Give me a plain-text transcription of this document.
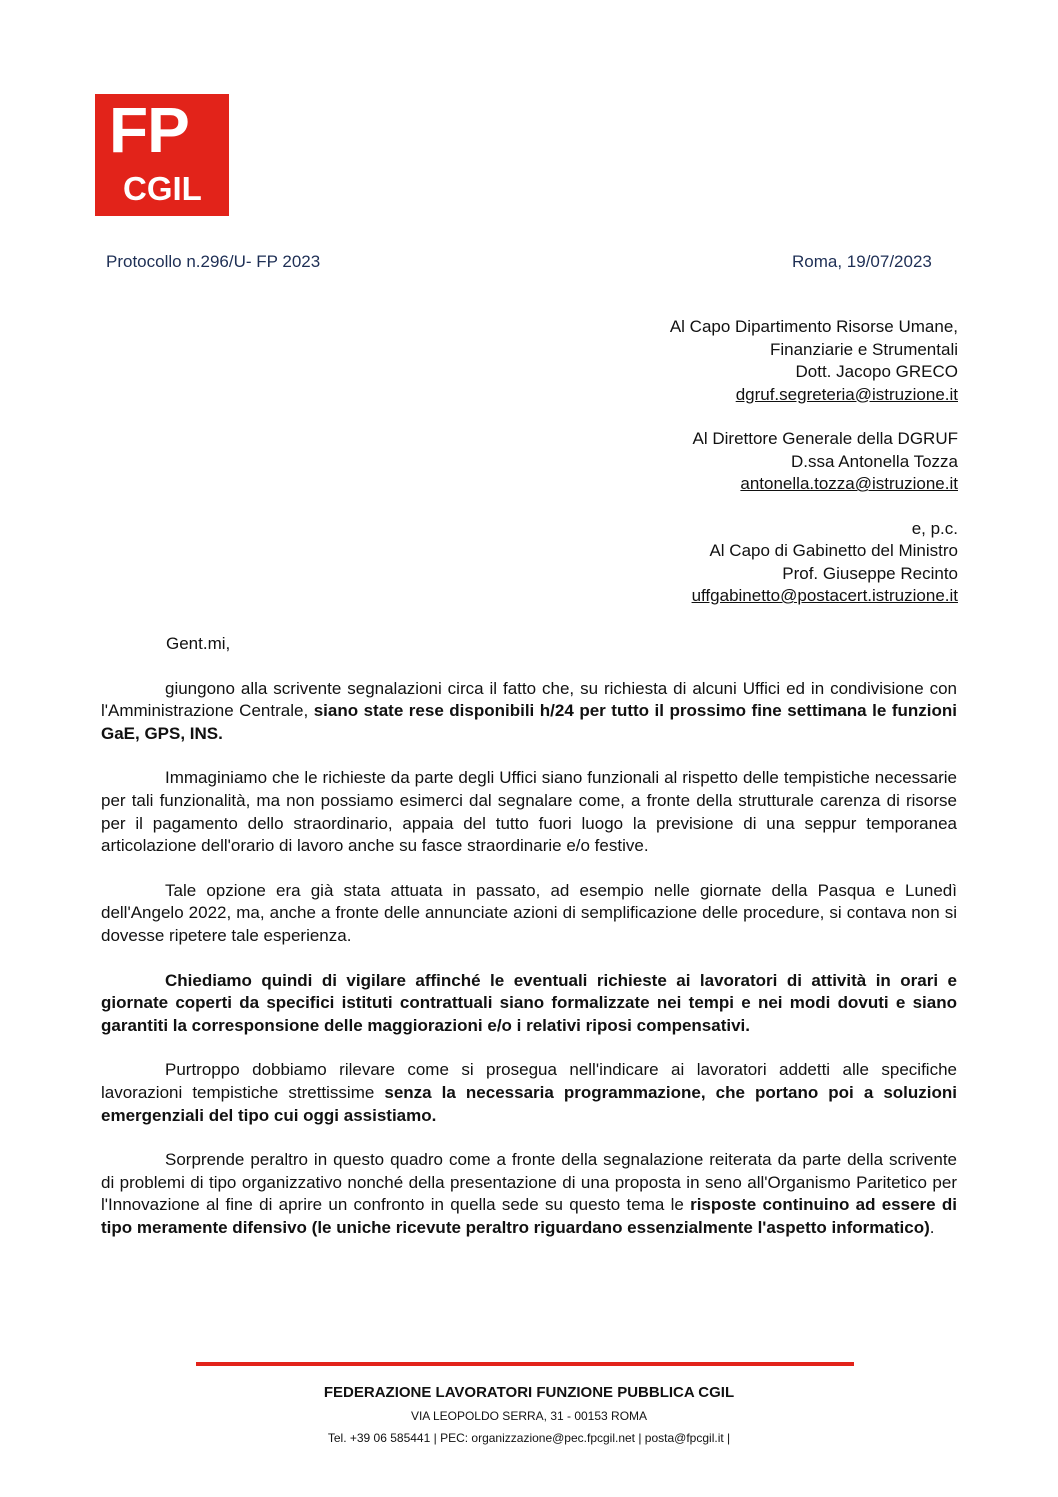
FP
CGIL
Protocollo n.296/U- FP 2023	Roma, 19/07/2023
Al Capo Dipartimento Risorse Umane,
Finanziarie e Strumentali
Dott. Jacopo GRECO
dgruf.segreteria@istruzione.it
Al Direttore Generale della DGRUF
D.ssa Antonella Tozza
antonella.tozza@istruzione.it
e, p.c.
Al Capo di Gabinetto del Ministro
Prof. Giuseppe Recinto
uffgabinetto@postacert.istruzione.it
Gent.mi,

giungono alla scrivente segnalazioni circa il fatto che, su richiesta di alcuni Uffici ed in condivisione con l'Amministrazione Centrale, siano state rese disponibili h/24 per tutto il prossimo fine settimana le funzioni GaE, GPS, INS.

Immaginiamo che le richieste da parte degli Uffici siano funzionali al rispetto delle tempistiche necessarie per tali funzionalità, ma non possiamo esimerci dal segnalare come, a fronte della strutturale carenza di risorse per il pagamento dello straordinario, appaia del tutto fuori luogo la previsione di una seppur temporanea articolazione dell'orario di lavoro anche su fasce straordinarie e/o festive.

Tale opzione era già stata attuata in passato, ad esempio nelle giornate della Pasqua e Lunedì dell'Angelo 2022, ma, anche a fronte delle annunciate azioni di semplificazione delle procedure, si contava non si dovesse ripetere tale esperienza.

Chiediamo quindi di vigilare affinché le eventuali richieste ai lavoratori di attività in orari e giornate coperti da specifici istituti contrattuali siano formalizzate nei tempi e nei modi dovuti e siano garantiti la corresponsione delle maggiorazioni e/o i relativi riposi compensativi.

Purtroppo dobbiamo rilevare come si prosegua nell'indicare ai lavoratori addetti alle specifiche lavorazioni tempistiche strettissime senza la necessaria programmazione, che portano poi a soluzioni emergenziali del tipo cui oggi assistiamo.

Sorprende peraltro in questo quadro come a fronte della segnalazione reiterata da parte della scrivente di problemi di tipo organizzativo nonché della presentazione di una proposta in seno all'Organismo Paritetico per l'Innovazione al fine di aprire un confronto in quella sede su questo tema le risposte continuino ad essere di tipo meramente difensivo (le uniche ricevute peraltro riguardano essenzialmente l'aspetto informatico).

FEDERAZIONE LAVORATORI FUNZIONE PUBBLICA CGIL
VIA LEOPOLDO SERRA, 31 - 00153 ROMA
Tel. +39 06 585441 | PEC: organizzazione@pec.fpcgil.net | posta@fpcgil.it |
